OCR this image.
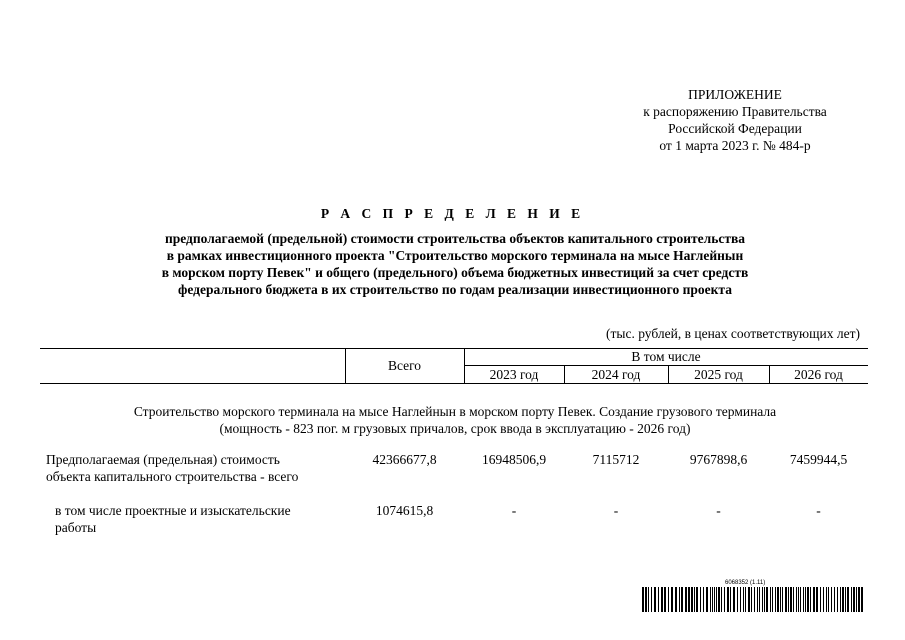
ПРИЛОЖЕНИЕ
к распоряжению Правительства
Российской Федерации
от 1 марта 2023 г. № 484-р
Р А С П Р Е Д Е Л Е Н И Е
предполагаемой (предельной) стоимости строительства объектов капитального строительства
в рамках инвестиционного проекта "Строительство морского терминала на мысе Наглейнын
в морском порту Певек" и общего (предельного) объема бюджетных инвестиций за счет средств
федерального бюджета в их строительство по годам реализации инвестиционного проекта
(тыс. рублей, в ценах соответствующих лет)
Всего
В том числе
2023 год	2024 год	2025 год	2026 год
Строительство морского терминала на мысе Наглейнын в морском порту Певек. Создание грузового терминала
(мощность - 823 пог. м грузовых причалов, срок ввода в эксплуатацию - 2026 год)
Предполагаемая (предельная) стоимость
объекта капитального строительства - всего
42366677,8	16948506,9	7115712	9767898,6	7459944,5
в том числе проектные и изыскательские
работы
1074615,8	-	-	-	-
6068352 (1.11)
